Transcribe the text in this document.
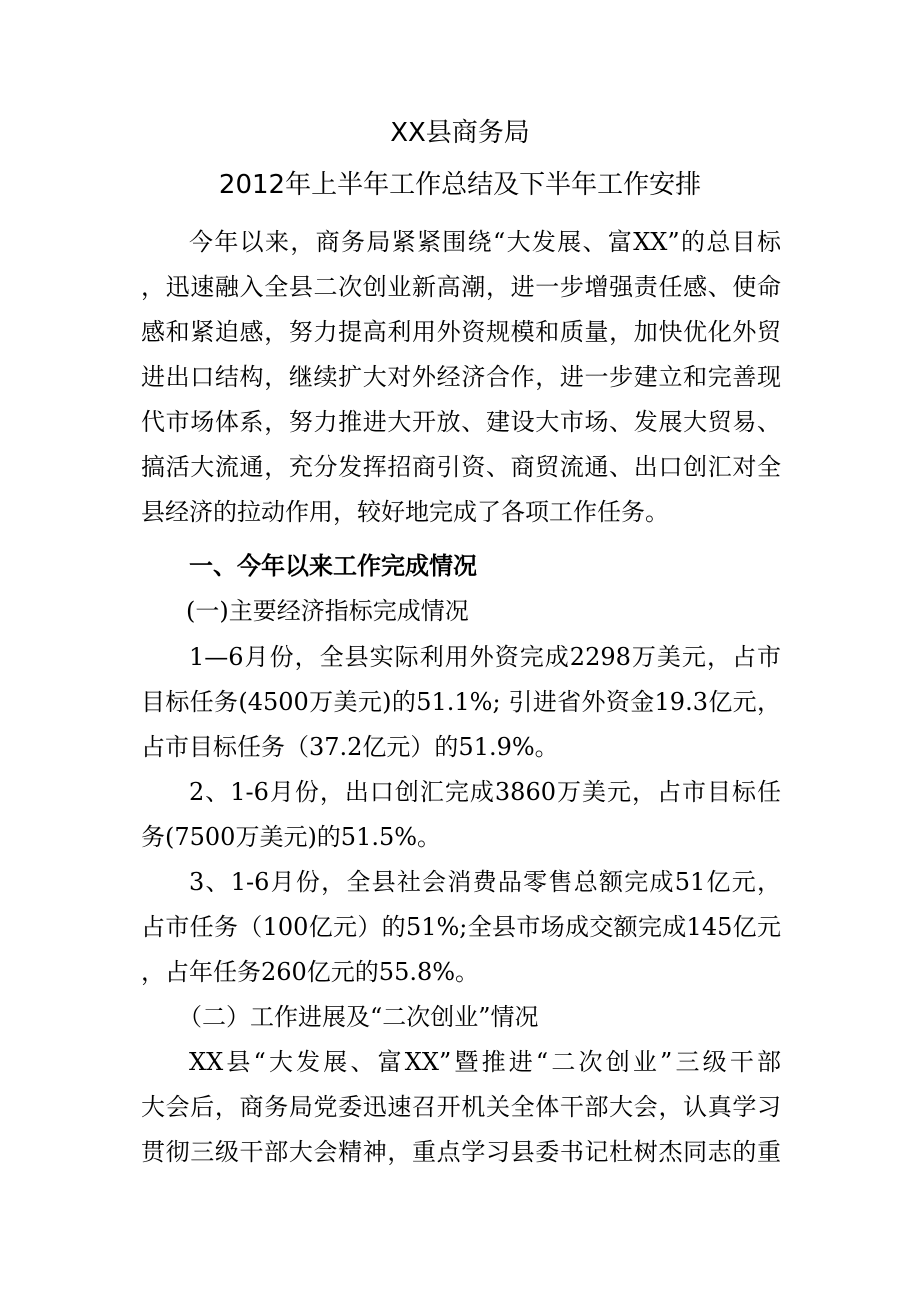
XX县商务局
2012年上半年工作总结及下半年工作安排
今年以来，商务局紧紧围绕“大发展、富XX”的总目标
，迅速融入全县二次创业新高潮，进一步增强责任感、使命
感和紧迫感，努力提高利用外资规模和质量，加快优化外贸
进出口结构，继续扩大对外经济合作，进一步建立和完善现
代市场体系，努力推进大开放、建设大市场、发展大贸易、
搞活大流通，充分发挥招商引资、商贸流通、出口创汇对全
县经济的拉动作用，较好地完成了各项工作任务。
一、今年以来工作完成情况
(一)主要经济指标完成情况
1—6月份，全县实际利用外资完成2298万美元，占市
目标任务(4500万美元)的51.1%; 引进省外资金19.3亿元，
占市目标任务（37.2亿元）的51.9%。
2、1-6月份，出口创汇完成3860万美元，占市目标任
务(7500万美元)的51.5%。
3、1-6月份，全县社会消费品零售总额完成51亿元，
占市任务（100亿元）的51%;全县市场成交额完成145亿元
，占年任务260亿元的55.8%。
（二）工作进展及“二次创业”情况
XX县“大发展、富XX”暨推进“二次创业”三级干部
大会后，商务局党委迅速召开机关全体干部大会，认真学习
贯彻三级干部大会精神，重点学习县委书记杜树杰同志的重
